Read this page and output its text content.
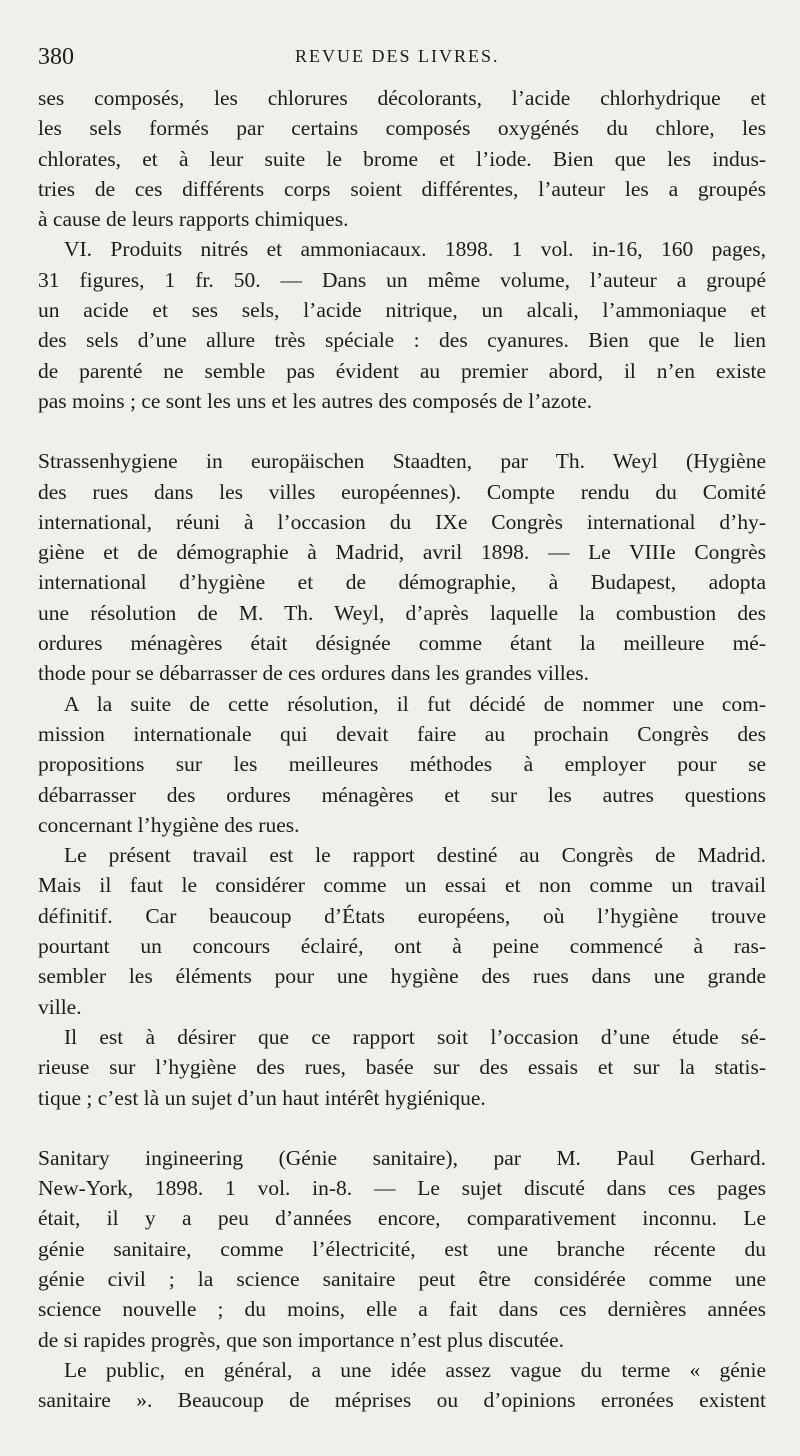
380	REVUE DES LIVRES.

ses composés, les chlorures décolorants, l’acide chlorhydrique et
les sels formés par certains composés oxygénés du chlore, les
chlorates, et à leur suite le brome et l’iode. Bien que les indus-
tries de ces différents corps soient différentes, l’auteur les a groupés
à cause de leurs rapports chimiques.

VI. Produits nitrés et ammoniacaux. 1898. 1 vol. in-16, 160 pages,
31 figures, 1 fr. 50. — Dans un même volume, l’auteur a groupé
un acide et ses sels, l’acide nitrique, un alcali, l’ammoniaque et
des sels d’une allure très spéciale : des cyanures. Bien que le lien
de parenté ne semble pas évident au premier abord, il n’en existe
pas moins ; ce sont les uns et les autres des composés de l’azote.

Strassenhygiene in europäischen Staadten, par Th. Weyl (Hygiène
des rues dans les villes européennes). Compte rendu du Comité
international, réuni à l’occasion du IXe Congrès international d’hy-
giène et de démographie à Madrid, avril 1898. — Le VIIIe Congrès
international d’hygiène et de démographie, à Budapest, adopta
une résolution de M. Th. Weyl, d’après laquelle la combustion des
ordures ménagères était désignée comme étant la meilleure mé-
thode pour se débarrasser de ces ordures dans les grandes villes.

A la suite de cette résolution, il fut décidé de nommer une com-
mission internationale qui devait faire au prochain Congrès des
propositions sur les meilleures méthodes à employer pour se
débarrasser des ordures ménagères et sur les autres questions
concernant l’hygiène des rues.

Le présent travail est le rapport destiné au Congrès de Madrid.
Mais il faut le considérer comme un essai et non comme un travail
définitif. Car beaucoup d’États européens, où l’hygiène trouve
pourtant un concours éclairé, ont à peine commencé à ras-
sembler les éléments pour une hygiène des rues dans une grande
ville.

Il est à désirer que ce rapport soit l’occasion d’une étude sé-
rieuse sur l’hygiène des rues, basée sur des essais et sur la statis-
tique ; c’est là un sujet d’un haut intérêt hygiénique.

Sanitary ingineering (Génie sanitaire), par M. Paul Gerhard.
New-York, 1898. 1 vol. in-8. — Le sujet discuté dans ces pages
était, il y a peu d’années encore, comparativement inconnu. Le
génie sanitaire, comme l’électricité, est une branche récente du
génie civil ; la science sanitaire peut être considérée comme une
science nouvelle ; du moins, elle a fait dans ces dernières années
de si rapides progrès, que son importance n’est plus discutée.

Le public, en général, a une idée assez vague du terme « génie
sanitaire ». Beaucoup de méprises ou d’opinions erronées existent
